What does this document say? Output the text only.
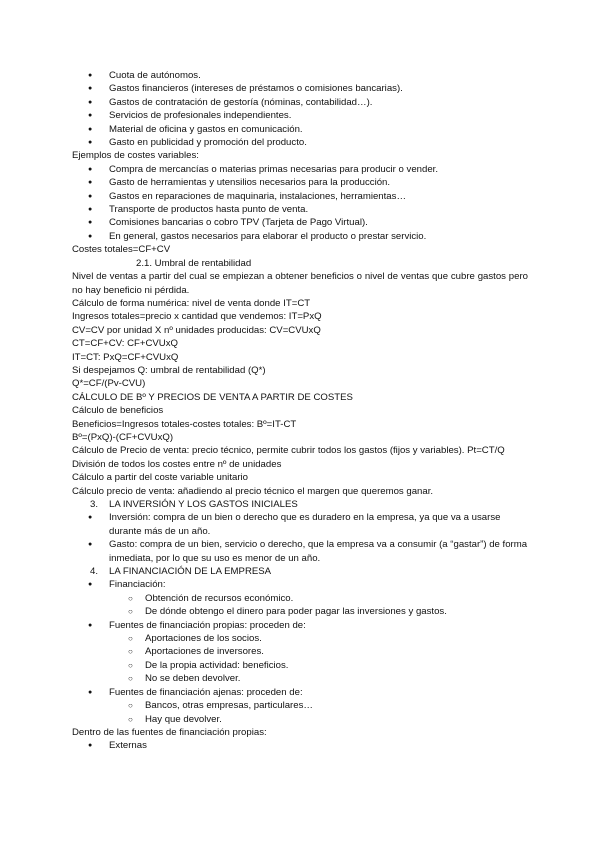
● Cuota de autónomos.
● Gastos financieros (intereses de préstamos o comisiones bancarias).
● Gastos de contratación de gestoría (nóminas, contabilidad…).
● Servicios de profesionales independientes.
● Material de oficina y gastos en comunicación.
● Gasto en publicidad y promoción del producto.
Ejemplos de costes variables:
● Compra de mercancías o materias primas necesarias para producir o vender.
● Gasto de herramientas y utensilios necesarios para la producción.
● Gastos en reparaciones de maquinaria, instalaciones, herramientas…
● Transporte de productos hasta punto de venta.
● Comisiones bancarias o cobro TPV (Tarjeta de Pago Virtual).
● En general, gastos necesarios para elaborar el producto o prestar servicio.
Costes totales=CF+CV
2.1. Umbral de rentabilidad
Nivel de ventas a partir del cual se empiezan a obtener beneficios o nivel de ventas que cubre gastos pero no hay beneficio ni pérdida.
Cálculo de forma numérica: nivel de venta donde IT=CT
Ingresos totales=precio x cantidad que vendemos: IT=PxQ
CV=CV por unidad X nº unidades producidas: CV=CVUxQ
CT=CF+CV: CF+CVUxQ
IT=CT: PxQ=CF+CVUxQ
Si despejamos Q: umbral de rentabilidad (Q*)
Q*=CF/(Pv-CVU)
CÁLCULO DE Bº Y PRECIOS DE VENTA A PARTIR DE COSTES
Cálculo de beneficios
Beneficios=Ingresos totales-costes totales: Bº=IT-CT
Bº=(PxQ)-(CF+CVUxQ)
Cálculo de Precio de venta: precio técnico, permite cubrir todos los gastos (fijos y variables). Pt=CT/Q
División de todos los costes entre nº de unidades
Cálculo a partir del coste variable unitario
Cálculo precio de venta: añadiendo al precio técnico el margen que queremos ganar.
3. LA INVERSIÓN Y LOS GASTOS INICIALES
● Inversión: compra de un bien o derecho que es duradero en la empresa, ya que va a usarse durante más de un año.
● Gasto: compra de un bien, servicio o derecho, que la empresa va a consumir (a “gastar”) de forma inmediata, por lo que su uso es menor de un año.
4. LA FINANCIACIÓN DE LA EMPRESA
● Financiación:
○ Obtención de recursos económico.
○ De dónde obtengo el dinero para poder pagar las inversiones y gastos.
● Fuentes de financiación propias: proceden de:
○ Aportaciones de los socios.
○ Aportaciones de inversores.
○ De la propia actividad: beneficios.
○ No se deben devolver.
● Fuentes de financiación ajenas: proceden de:
○ Bancos, otras empresas, particulares…
○ Hay que devolver.
Dentro de las fuentes de financiación propias:
● Externas
